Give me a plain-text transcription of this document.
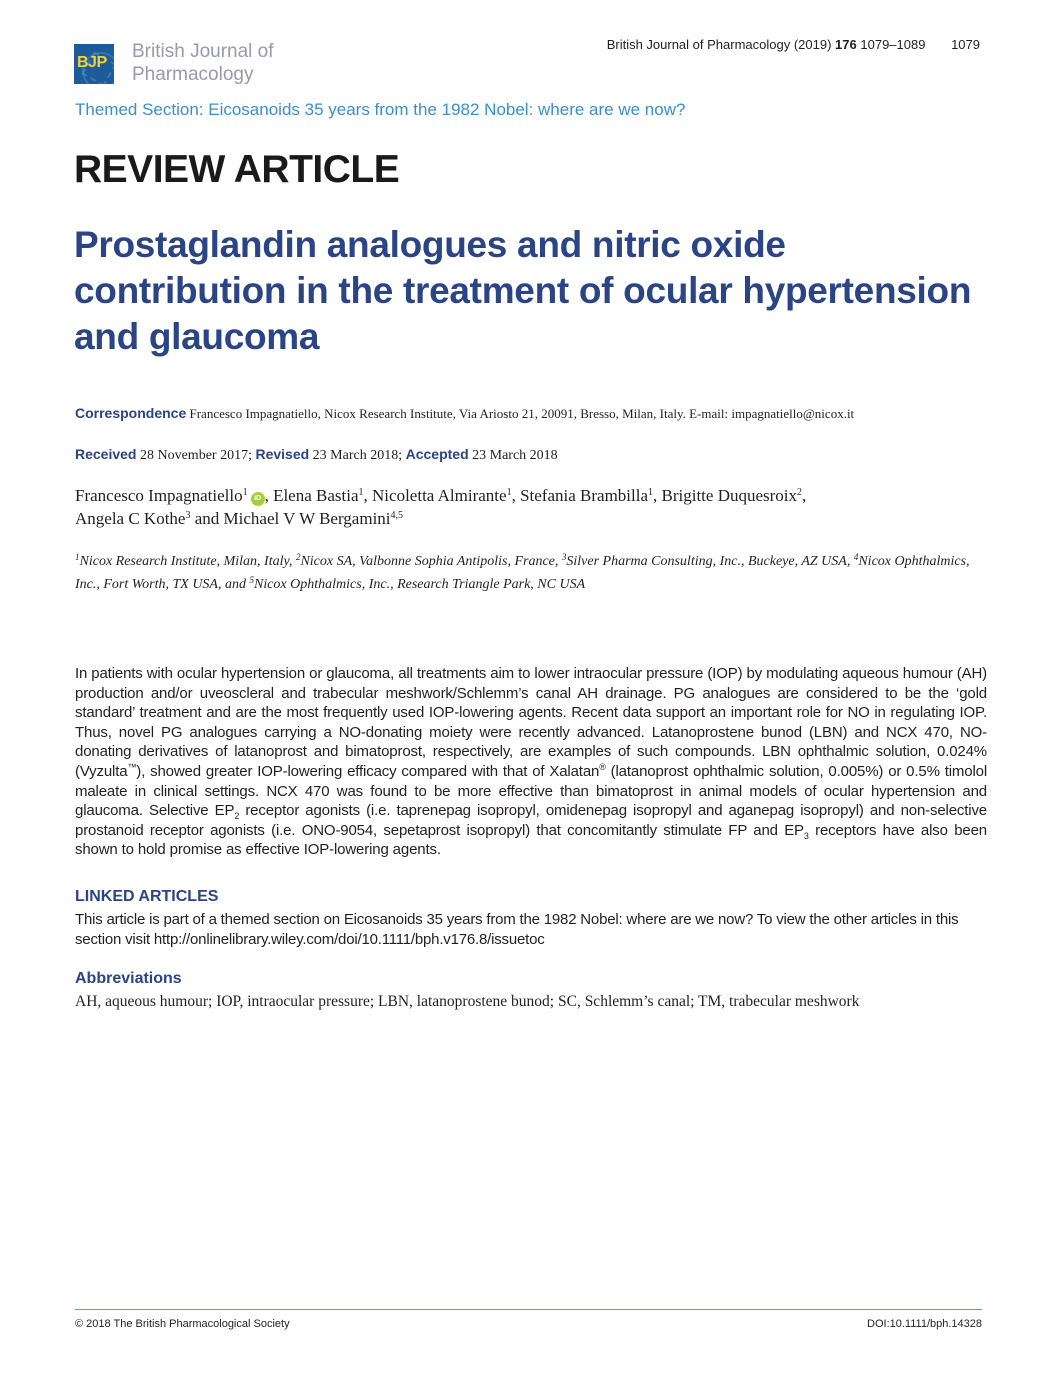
BJP
British Journal of
Pharmacology
British Journal of Pharmacology (2019) 176 1079–1089 1079
Themed Section: Eicosanoids 35 years from the 1982 Nobel: where are we now?
REVIEW ARTICLE
Prostaglandin analogues and nitric oxide contribution in the treatment of ocular hypertension and glaucoma
Correspondence Francesco Impagnatiello, Nicox Research Institute, Via Ariosto 21, 20091, Bresso, Milan, Italy. E-mail: impagnatiello@nicox.it
Received 28 November 2017; Revised 23 March 2018; Accepted 23 March 2018
Francesco Impagnatiello$^1$iD , Elena Bastia$^1$, Nicoletta Almirante$^1$, Stefania Brambilla$^1$, Brigitte Duquesroix$^2$,
Angela C Kothe$^3$ and Michael V W Bergamini$^{4,5}$
$^1$Nicox Research Institute, Milan, Italy, $^2$Nicox SA, Valbonne Sophia Antipolis, France, $^3$Silver Pharma Consulting, Inc., Buckeye, AZ USA, $^4$Nicox Ophthalmics, Inc., Fort Worth, TX USA, and $^5$Nicox Ophthalmics, Inc., Research Triangle Park, NC USA
In patients with ocular hypertension or glaucoma, all treatments aim to lower intraocular pressure (IOP) by modulating aqueous humour (AH) production and/or uveoscleral and trabecular meshwork/Schlemm’s canal AH drainage. PG analogues are considered to be the ‘gold standard’ treatment and are the most frequently used IOP-lowering agents. Recent data support an important role for NO in regulating IOP. Thus, novel PG analogues carrying a NO-donating moiety were recently advanced. Latanoprostene bunod (LBN) and NCX 470, NO-donating derivatives of latanoprost and bimatoprost, respectively, are examples of such compounds. LBN ophthalmic solution, 0.024% (Vyzulta™), showed greater IOP-lowering efficacy compared with that of Xalatan® (latanoprost ophthalmic solution, 0.005%) or 0.5% timolol maleate in clinical settings. NCX 470 was found to be more effective than bimatoprost in animal models of ocular hypertension and glaucoma. Selective $EP_2$ receptor agonists (i.e. taprenepag isopropyl, omidenepag isopropyl and aganepag isopropyl) and non-selective prostanoid receptor agonists (i.e. ONO-9054, sepetaprost isopropyl) that concomitantly stimulate FP and $EP_3$ receptors have also been shown to hold promise as effective IOP-lowering agents.
LINKED ARTICLES
This article is part of a themed section on Eicosanoids 35 years from the 1982 Nobel: where are we now? To view the other articles in this section visit http://onlinelibrary.wiley.com/doi/10.1111/bph.v176.8/issuetoc
Abbreviations
AH, aqueous humour; IOP, intraocular pressure; LBN, latanoprostene bunod; SC, Schlemm’s canal; TM, trabecular meshwork
© 2018 The British Pharmacological Society	DOI:10.1111/bph.14328
